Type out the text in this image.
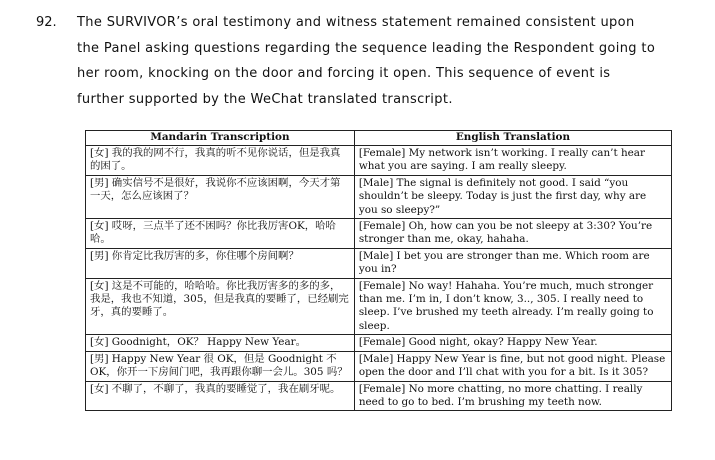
92. The SURVIVOR’s oral testimony and witness statement remained consistent upon
the Panel asking questions regarding the sequence leading the Respondent going to
her room, knocking on the door and forcing it open. This sequence of event is
further supported by the WeChat translated transcript.
Mandarin Transcription	English Translation
[女] 我的我的网不行，我真的听不见你说话，但是我真的困了。	[Female] My network isn’t working. I really can’t hear what you are saying. I am really sleepy.
[男] 确实信号不是很好，我说你不应该困啊，今天才第一天，怎么应该困了？	[Male] The signal is definitely not good. I said “you shouldn’t be sleepy. Today is just the first day, why are you so sleepy?”
[女] 哎呀，三点半了还不困吗？你比我厉害OK，哈哈哈。	[Female] Oh, how can you be not sleepy at 3:30? You’re stronger than me, okay, hahaha.
[男] 你肯定比我厉害的多，你住哪个房间啊？	[Male] I bet you are stronger than me. Which room are you in?
[女] 这是不可能的，哈哈哈。你比我厉害多的多的多，我是，我也不知道，305，但是我真的要睡了，已经刷完牙，真的要睡了。	[Female] No way! Hahaha. You’re much, much stronger than me. I’m in, I don’t know, 3.., 305. I really need to sleep. I’ve brushed my teeth already. I’m really going to sleep.
[女] Goodnight，OK？ Happy New Year。	[Female] Good night, okay? Happy New Year.
[男] Happy New Year 很 OK，但是 Goodnight 不OK，你开一下房间门吧，我再跟你聊一会儿。305 吗？	[Male] Happy New Year is fine, but not good night. Please open the door and I’ll chat with you for a bit. Is it 305?
[女] 不聊了，不聊了，我真的要睡觉了，我在刷牙呢。	[Female] No more chatting, no more chatting. I really need to go to bed. I’m brushing my teeth now.
